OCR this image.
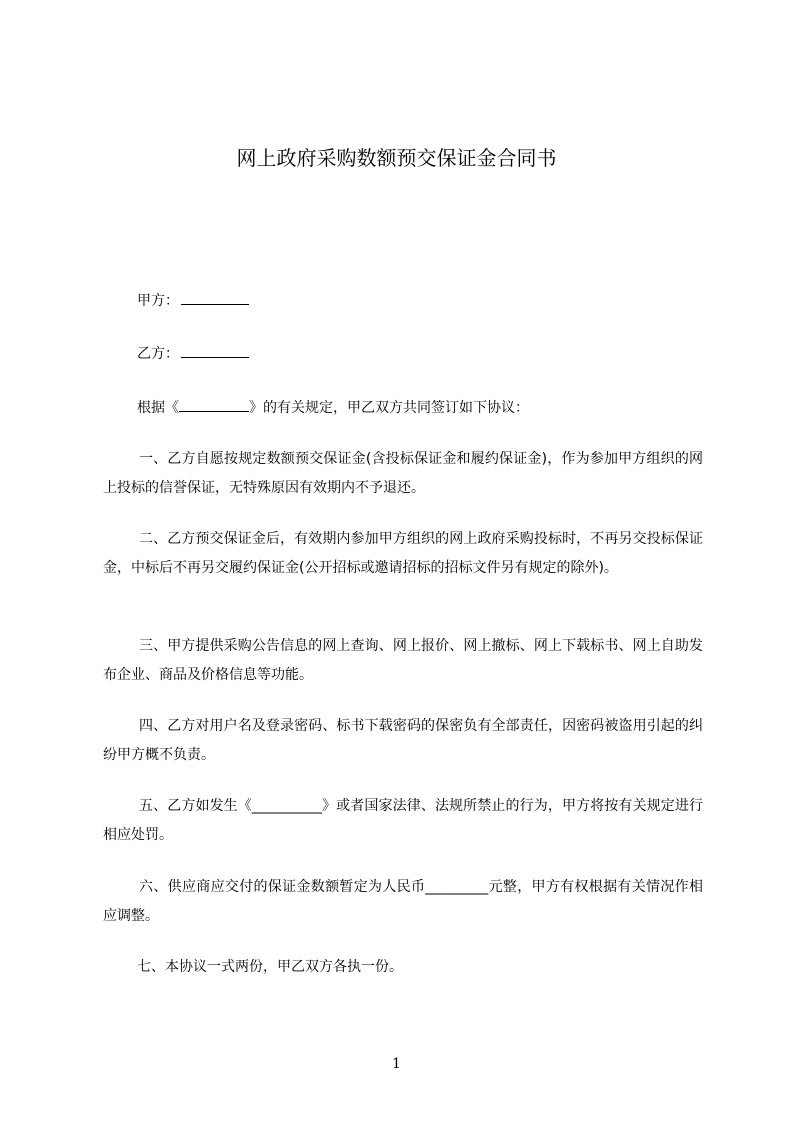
网上政府采购数额预交保证金合同书
甲方：
乙方：
根据《	》的有关规定，甲乙双方共同签订如下协议：
一、乙方自愿按规定数额预交保证金(含投标保证金和履约保证金)，作为参加甲方组织的网上投标的信誉保证，无特殊原因有效期内不予退还。
二、乙方预交保证金后，有效期内参加甲方组织的网上政府采购投标时，不再另交投标保证金，中标后不再另交履约保证金(公开招标或邀请招标的招标文件另有规定的除外)。
三、甲方提供采购公告信息的网上查询、网上报价、网上撤标、网上下载标书、网上自助发布企业、商品及价格信息等功能。
四、乙方对用户名及登录密码、标书下载密码的保密负有全部责任，因密码被盗用引起的纠纷甲方概不负责。
五、乙方如发生《__________》或者国家法律、法规所禁止的行为，甲方将按有关规定进行相应处罚。
六、供应商应交付的保证金数额暂定为人民币_________元整，甲方有权根据有关情况作相应调整。
七、本协议一式两份，甲乙双方各执一份。
1
